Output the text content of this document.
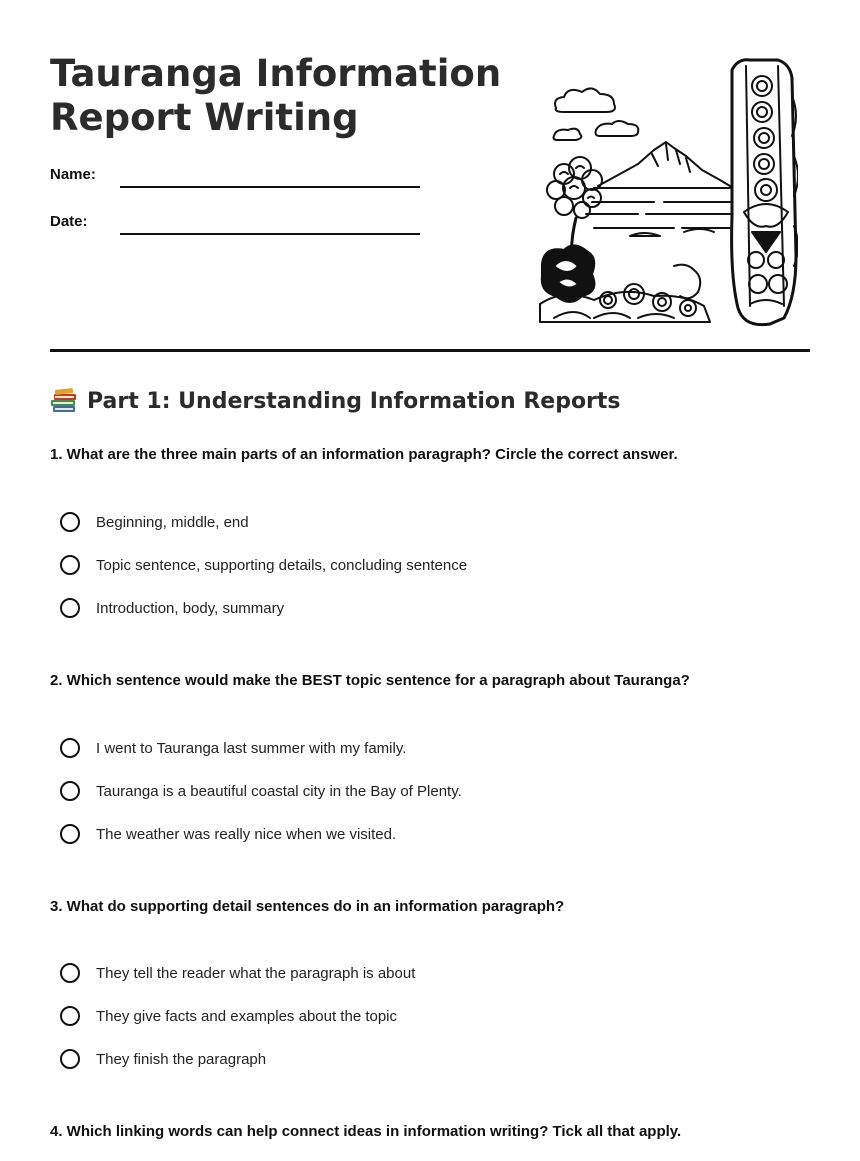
Tauranga Information
Report Writing
Name:
Date:
Part 1: Understanding Information Reports

1. What are the three main parts of an information paragraph? Circle the correct answer.

Beginning, middle, end
Topic sentence, supporting details, concluding sentence
Introduction, body, summary

2. Which sentence would make the BEST topic sentence for a paragraph about Tauranga?

I went to Tauranga last summer with my family.
Tauranga is a beautiful coastal city in the Bay of Plenty.
The weather was really nice when we visited.

3. What do supporting detail sentences do in an information paragraph?

They tell the reader what the paragraph is about
They give facts and examples about the topic
They finish the paragraph

4. Which linking words can help connect ideas in information writing? Tick all that apply.
